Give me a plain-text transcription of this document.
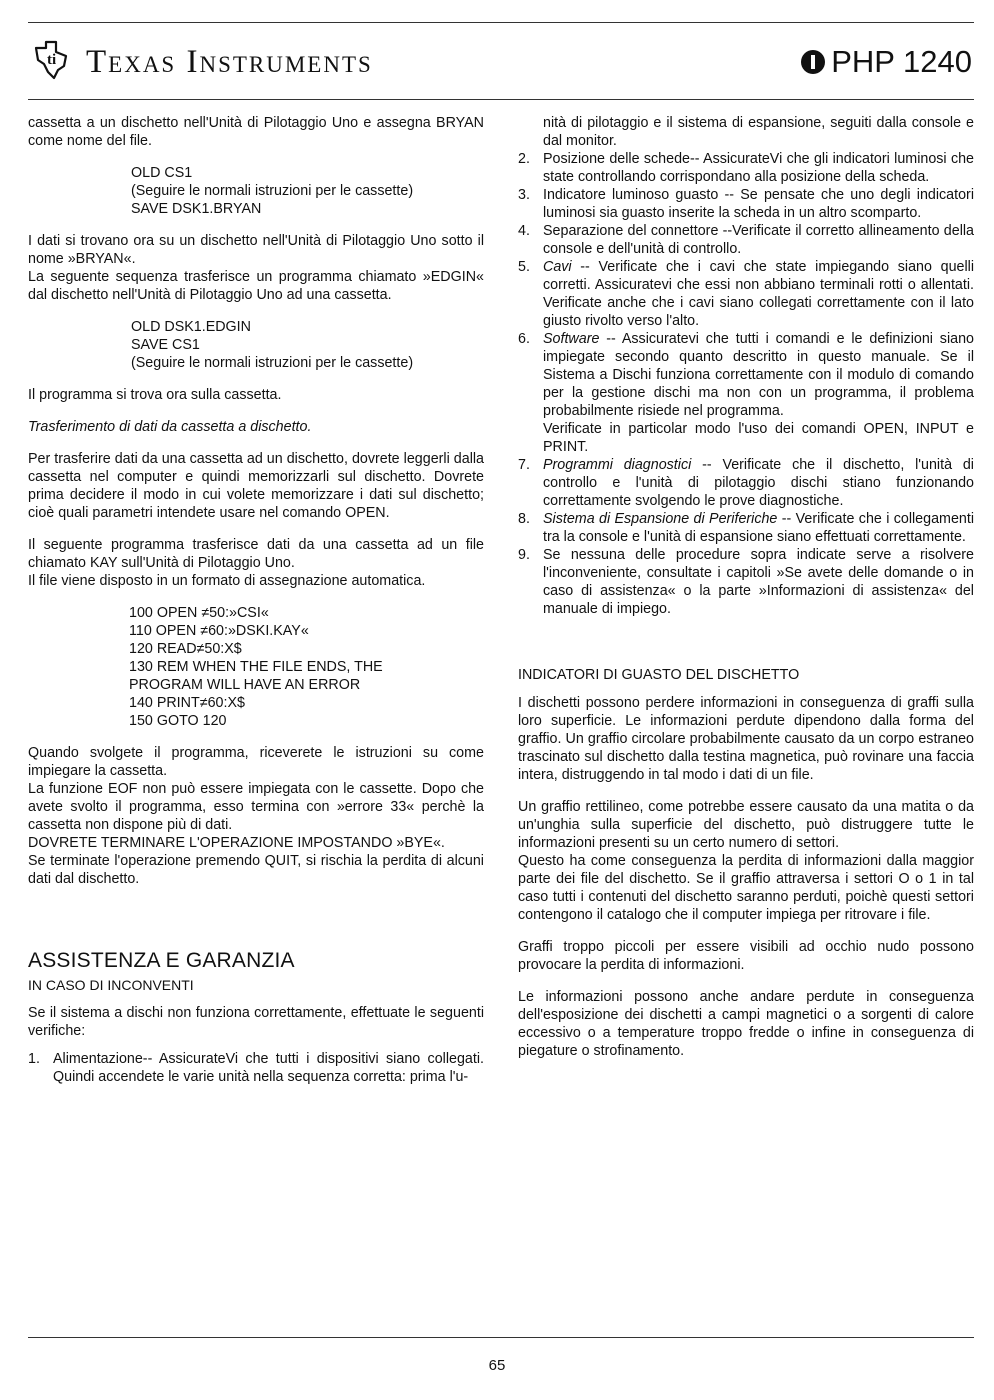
ti Texas Instruments	PHP 1240

cassetta a un dischetto nell'Unità di Pilotaggio Uno e assegna BRYAN come nome del file.

OLD CS1
(Seguire le normali istruzioni per le cassette)
SAVE DSK1.BRYAN

I dati si trovano ora su un dischetto nell'Unità di Pilotaggio Uno sotto il nome »BRYAN«.

La seguente sequenza trasferisce un programma chiamato »EDGIN« dal dischetto nell'Unità di Pilotaggio Uno ad una cassetta.

OLD DSK1.EDGIN
SAVE CS1
(Seguire le normali istruzioni per le cassette)

Il programma si trova ora sulla cassetta.

Trasferimento di dati da cassetta a dischetto.

Per trasferire dati da una cassetta ad un dischetto, dovrete leggerli dalla cassetta nel computer e quindi memorizzarli sul dischetto. Dovrete prima decidere il modo in cui volete memorizzare i dati sul dischetto; cioè quali parametri intendete usare nel comando OPEN.

Il seguente programma trasferisce dati da una cassetta ad un file chiamato KAY sull'Unità di Pilotaggio Uno.

Il file viene disposto in un formato di assegnazione automatica.

100 OPEN ≠50:»CSI«
110 OPEN ≠60:»DSKI.KAY«
120 READ≠50:X$
130 REM WHEN THE FILE ENDS, THE
PROGRAM WILL HAVE AN ERROR
140 PRINT≠60:X$
150 GOTO 120

Quando svolgete il programma, riceverete le istruzioni su come impiegare la cassetta.

La funzione EOF non può essere impiegata con le cassette. Dopo che avete svolto il programma, esso termina con »errore 33« perchè la cassetta non dispone più di dati.

DOVRETE TERMINARE L'OPERAZIONE IMPOSTANDO »BYE«.

Se terminate l'operazione premendo QUIT, si rischia la perdita di alcuni dati dal dischetto.

ASSISTENZA E GARANZIA

IN CASO DI INCONVENTI

Se il sistema a dischi non funziona correttamente, effettuate le seguenti verifiche:

1. Alimentazione-- AssicurateVi che tutti i dispositivi siano collegati. Quindi accendete le varie unità nella sequenza corretta: prima l'u-
nità di pilotaggio e il sistema di espansione, seguiti dalla console e dal monitor.
2. Posizione delle schede-- AssicurateVi che gli indicatori luminosi che state controllando corrispondano alla posizione della scheda.
3. Indicatore luminoso guasto -- Se pensate che uno degli indicatori luminosi sia guasto inserite la scheda in un altro scomparto.
4. Separazione del connettore --Verificate il corretto allineamento della console e dell'unità di controllo.
5. Cavi -- Verificate che i cavi che state impiegando siano quelli corretti. Assicuratevi che essi non abbiano terminali rotti o allentati. Verificate anche che i cavi siano collegati correttamente con il lato giusto rivolto verso l'alto.
6. Software -- Assicuratevi che tutti i comandi e le definizioni siano impiegate secondo quanto descritto in questo manuale. Se il Sistema a Dischi funziona correttamente con il modulo di comando per la gestione dischi ma non con un programma, il problema probabilmente risiede nel programma.
Verificate in particolar modo l'uso dei comandi OPEN, INPUT e PRINT.
7. Programmi diagnostici -- Verificate che il dischetto, l'unità di controllo e l'unità di pilotaggio dischi stiano funzionando correttamente svolgendo le prove diagnostiche.
8. Sistema di Espansione di Periferiche -- Verificate che i collegamenti tra la console e l'unità di espansione siano effettuati correttamente.
9. Se nessuna delle procedure sopra indicate serve a risolvere l'inconveniente, consultate i capitoli »Se avete delle domande o in caso di assistenza« o la parte »Informazioni di assistenza« del manuale di impiego.

INDICATORI DI GUASTO DEL DISCHETTO

I dischetti possono perdere informazioni in conseguenza di graffi sulla loro superficie. Le informazioni perdute dipendono dalla forma del graffio. Un graffio circolare probabilmente causato da un corpo estraneo trascinato sul dischetto dalla testina magnetica, può rovinare una faccia intera, distruggendo in tal modo i dati di un file.

Un graffio rettilineo, come potrebbe essere causato da una matita o da un'unghia sulla superficie del dischetto, può distruggere tutte le informazioni presenti su un certo numero di settori.

Questo ha come conseguenza la perdita di informazioni dalla maggior parte dei file del dischetto. Se il graffio attraversa i settori O o 1 in tal caso tutti i contenuti del dischetto saranno perduti, poichè questi settori contengono il catalogo che il computer impiega per ritrovare i file.

Graffi troppo piccoli per essere visibili ad occhio nudo possono provocare la perdita di informazioni.

Le informazioni possono anche andare perdute in conseguenza dell'esposizione dei dischetti a campi magnetici o a sorgenti di calore eccessivo o a temperature troppo fredde o infine in conseguenza di piegature o strofinamento.

65
